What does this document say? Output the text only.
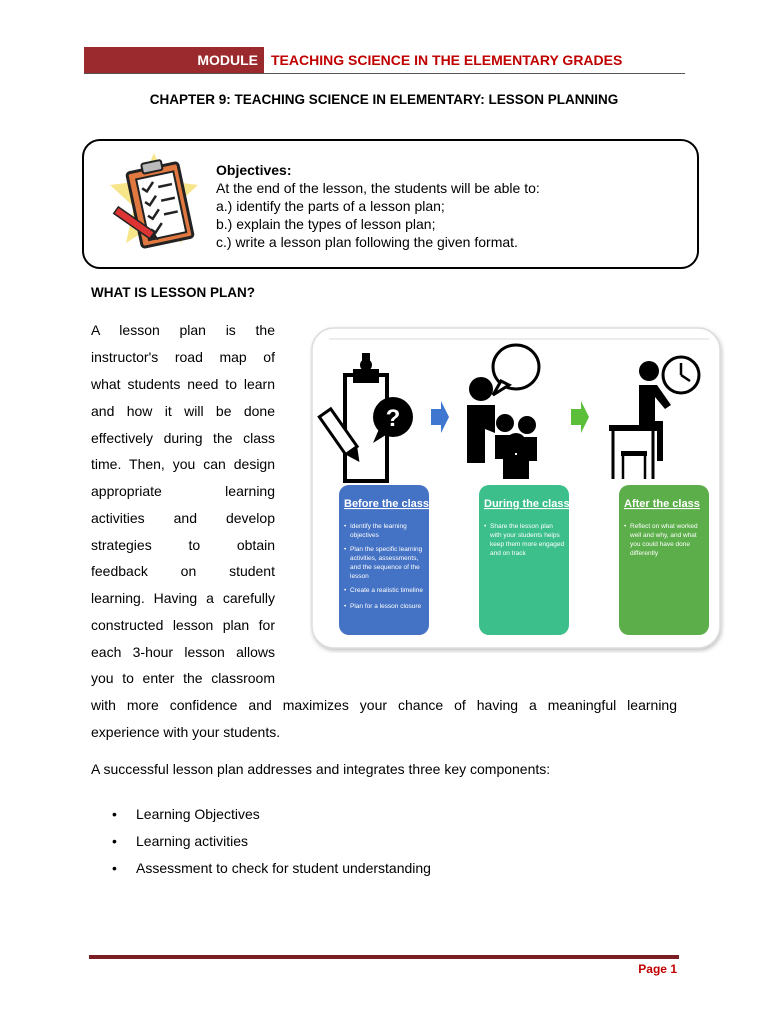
MODULE TEACHING SCIENCE IN THE ELEMENTARY GRADES
CHAPTER 9: TEACHING SCIENCE IN ELEMENTARY: LESSON PLANNING
Objectives:
At the end of the lesson, the students will be able to:
a.) identify the parts of a lesson plan;
b.) explain the types of lesson plan;
c.) write a lesson plan following the given format.
WHAT IS LESSON PLAN?
A lesson plan is the
instructor's road map of
what students need to learn
and how it will be done
effectively during the class
time. Then, you can design
appropriate learning
activities and develop
strategies to obtain
feedback on student
learning. Having a carefully
constructed lesson plan for
each 3-hour lesson allows
you to enter the classroom
with more confidence and maximizes your chance of having a meaningful learning
experience with your students.
A successful lesson plan addresses and integrates three key components:
• Learning Objectives
• Learning activities
• Assessment to check for student understanding
?
Before the class
• Identify the learning
objectives
• Plan the specific learning
activities, assessments,
and the sequence of the
lesson
• Create a realistic timeline
• Plan for a lesson closure
During the class
• Share the lesson plan
with your students helps
keep them more engaged
and on track
After the class
• Reflect on what worked
well and why, and what
you could have done
differently
Page 1
